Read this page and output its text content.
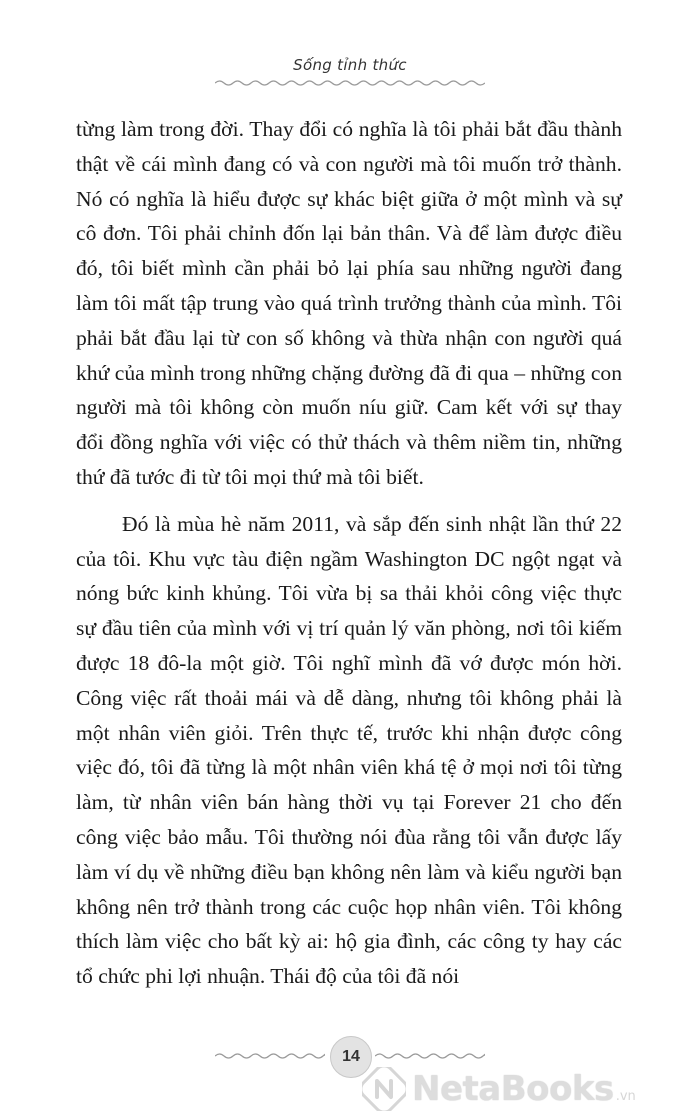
Sống tỉnh thức

từng làm trong đời. Thay đổi có nghĩa là tôi phải bắt đầu thành thật về cái mình đang có và con người mà tôi muốn trở thành. Nó có nghĩa là hiểu được sự khác biệt giữa ở một mình và sự cô đơn. Tôi phải chỉnh đốn lại bản thân. Và để làm được điều đó, tôi biết mình cần phải bỏ lại phía sau những người đang làm tôi mất tập trung vào quá trình trưởng thành của mình. Tôi phải bắt đầu lại từ con số không và thừa nhận con người quá khứ của mình trong những chặng đường đã đi qua – những con người mà tôi không còn muốn níu giữ. Cam kết với sự thay đổi đồng nghĩa với việc có thử thách và thêm niềm tin, những thứ đã tước đi từ tôi mọi thứ mà tôi biết.

Đó là mùa hè năm 2011, và sắp đến sinh nhật lần thứ 22 của tôi. Khu vực tàu điện ngầm Washington DC ngột ngạt và nóng bức kinh khủng. Tôi vừa bị sa thải khỏi công việc thực sự đầu tiên của mình với vị trí quản lý văn phòng, nơi tôi kiếm được 18 đô-la một giờ. Tôi nghĩ mình đã vớ được món hời. Công việc rất thoải mái và dễ dàng, nhưng tôi không phải là một nhân viên giỏi. Trên thực tế, trước khi nhận được công việc đó, tôi đã từng là một nhân viên khá tệ ở mọi nơi tôi từng làm, từ nhân viên bán hàng thời vụ tại Forever 21 cho đến công việc bảo mẫu. Tôi thường nói đùa rằng tôi vẫn được lấy làm ví dụ về những điều bạn không nên làm và kiểu người bạn không nên trở thành trong các cuộc họp nhân viên. Tôi không thích làm việc cho bất kỳ ai: hộ gia đình, các công ty hay các tổ chức phi lợi nhuận. Thái độ của tôi đã nói

14
NetaBooks .vn
